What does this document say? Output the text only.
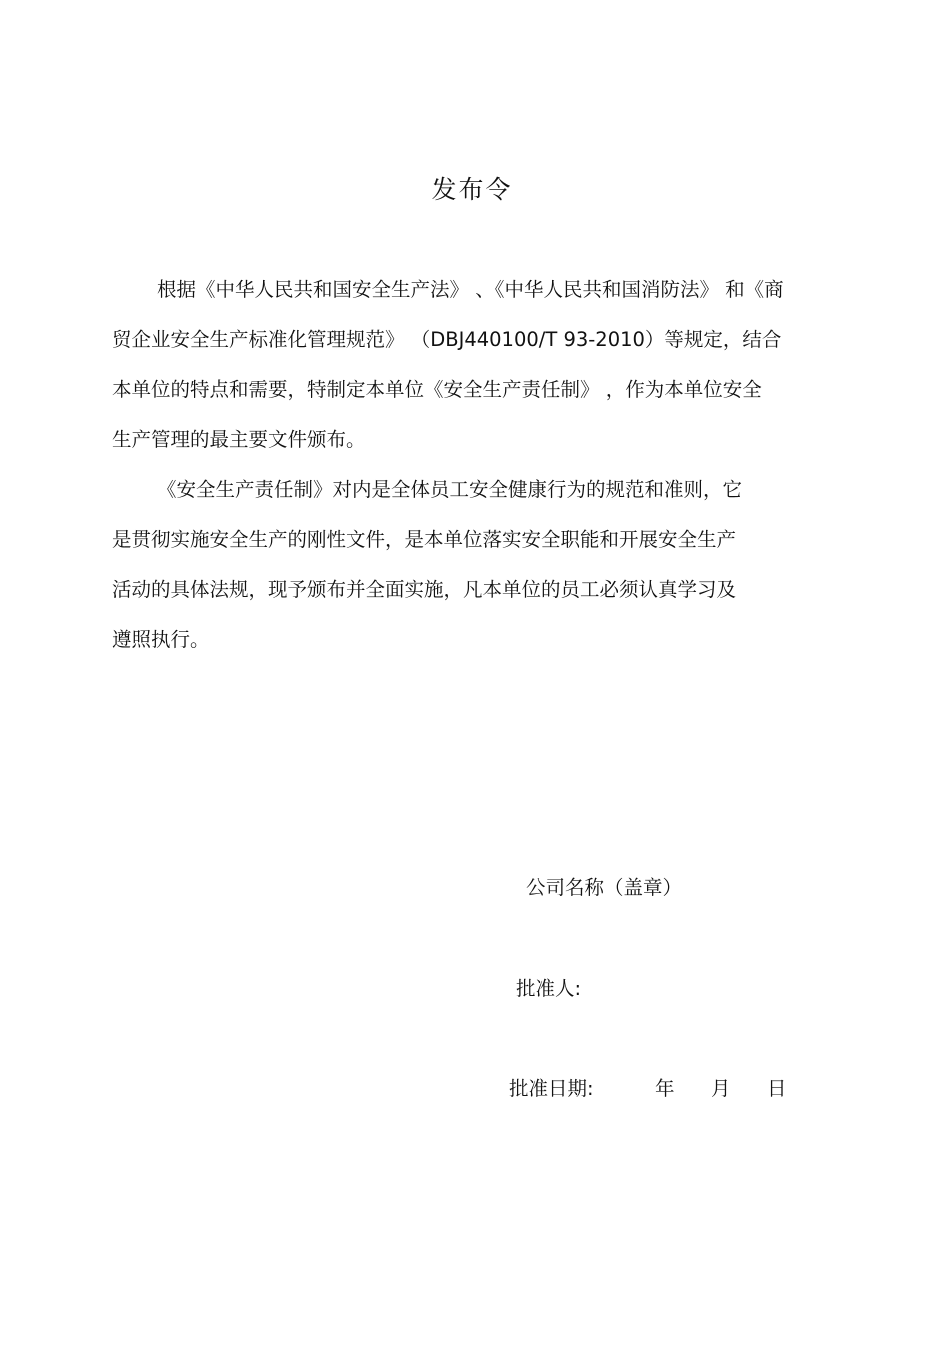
发布令
根据《中华人民共和国安全生产法》 、《中华人民共和国消防法》 和《商
贸企业安全生产标准化管理规范》 （DBJ440100/T 93-2010）等规定，结合
本单位的特点和需要，特制定本单位《安全生产责任制》 ，作为本单位安全
生产管理的最主要文件颁布。
《安全生产责任制》对内是全体员工安全健康行为的规范和准则，它
是贯彻实施安全生产的刚性文件，是本单位落实安全职能和开展安全生产
活动的具体法规，现予颁布并全面实施，凡本单位的员工必须认真学习及
遵照执行。
公司名称（盖章）
批准人:
批准日期:	年 月 日
